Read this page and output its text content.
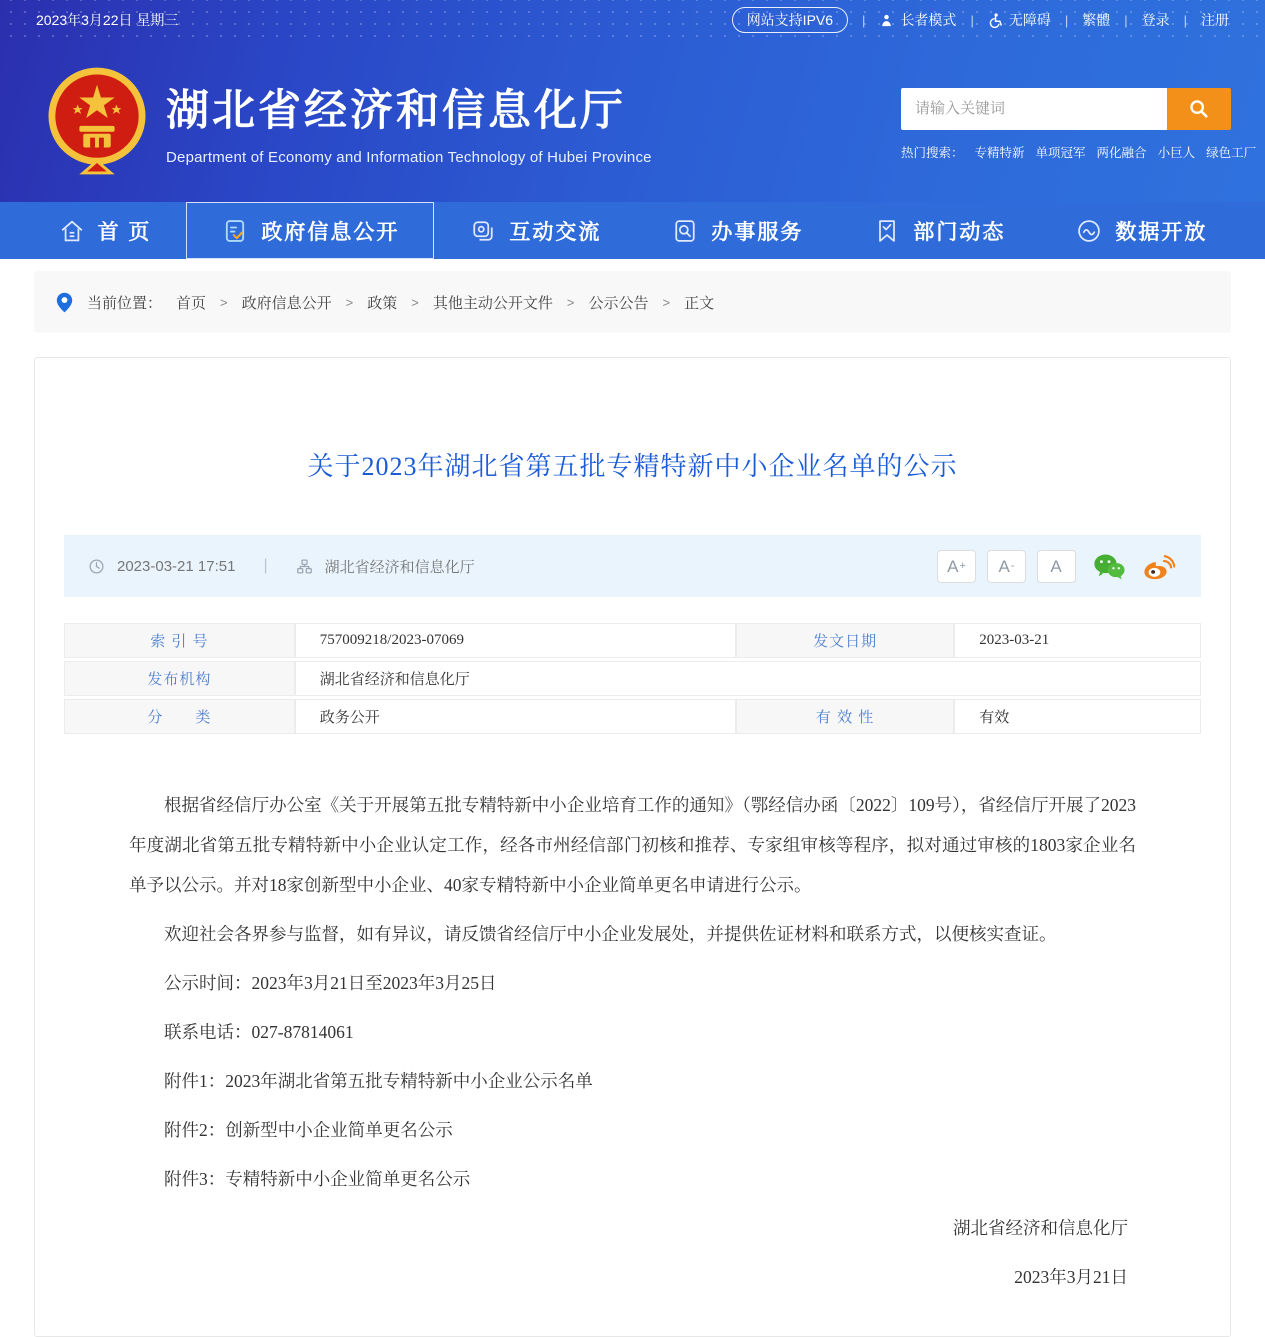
2023年3月22日 星期三	网站支持IPV6	|	长者模式 |	无障碍 | 繁體 | 登录 | 注册
湖北省经济和信息化厅
Department of Economy and Information Technology of Hubei Province
请输入关键词	热门搜索： 专精特新 单项冠军 两化融合 小巨人 绿色工厂
首 页	政府信息公开	互动交流	办事服务	部门动态	数据开放
当前位置： 首页 > 政府信息公开 > 政策 > 其他主动公开文件 > 公示公告 > 正文
关于2023年湖北省第五批专精特新中小企业名单的公示
2023-03-21 17:51 |	湖北省经济和信息化厅	A + A - A
索 引 号	757009218/2023-07069	发文日期	2023-03-21
发布机构	湖北省经济和信息化厅		
分　　类	政务公开	有 效 性	有效

根据省经信厅办公室《关于开展第五批专精特新中小企业培育工作的通知》（鄂经信办函〔2022〕109号），省经信厅开展了2023年度湖北省第五批专精特新中小企业认定工作，经各市州经信部门初核和推荐、专家组审核等程序，拟对通过审核的1803家企业名单予以公示。并对18家创新型中小企业、40家专精特新中小企业简单更名申请进行公示。

欢迎社会各界参与监督，如有异议，请反馈省经信厅中小企业发展处，并提供佐证材料和联系方式，以便核实查证。

公示时间：2023年3月21日至2023年3月25日

联系电话：027-87814061

附件1：2023年湖北省第五批专精特新中小企业公示名单

附件2：创新型中小企业简单更名公示

附件3：专精特新中小企业简单更名公示

湖北省经济和信息化厅
2023年3月21日
